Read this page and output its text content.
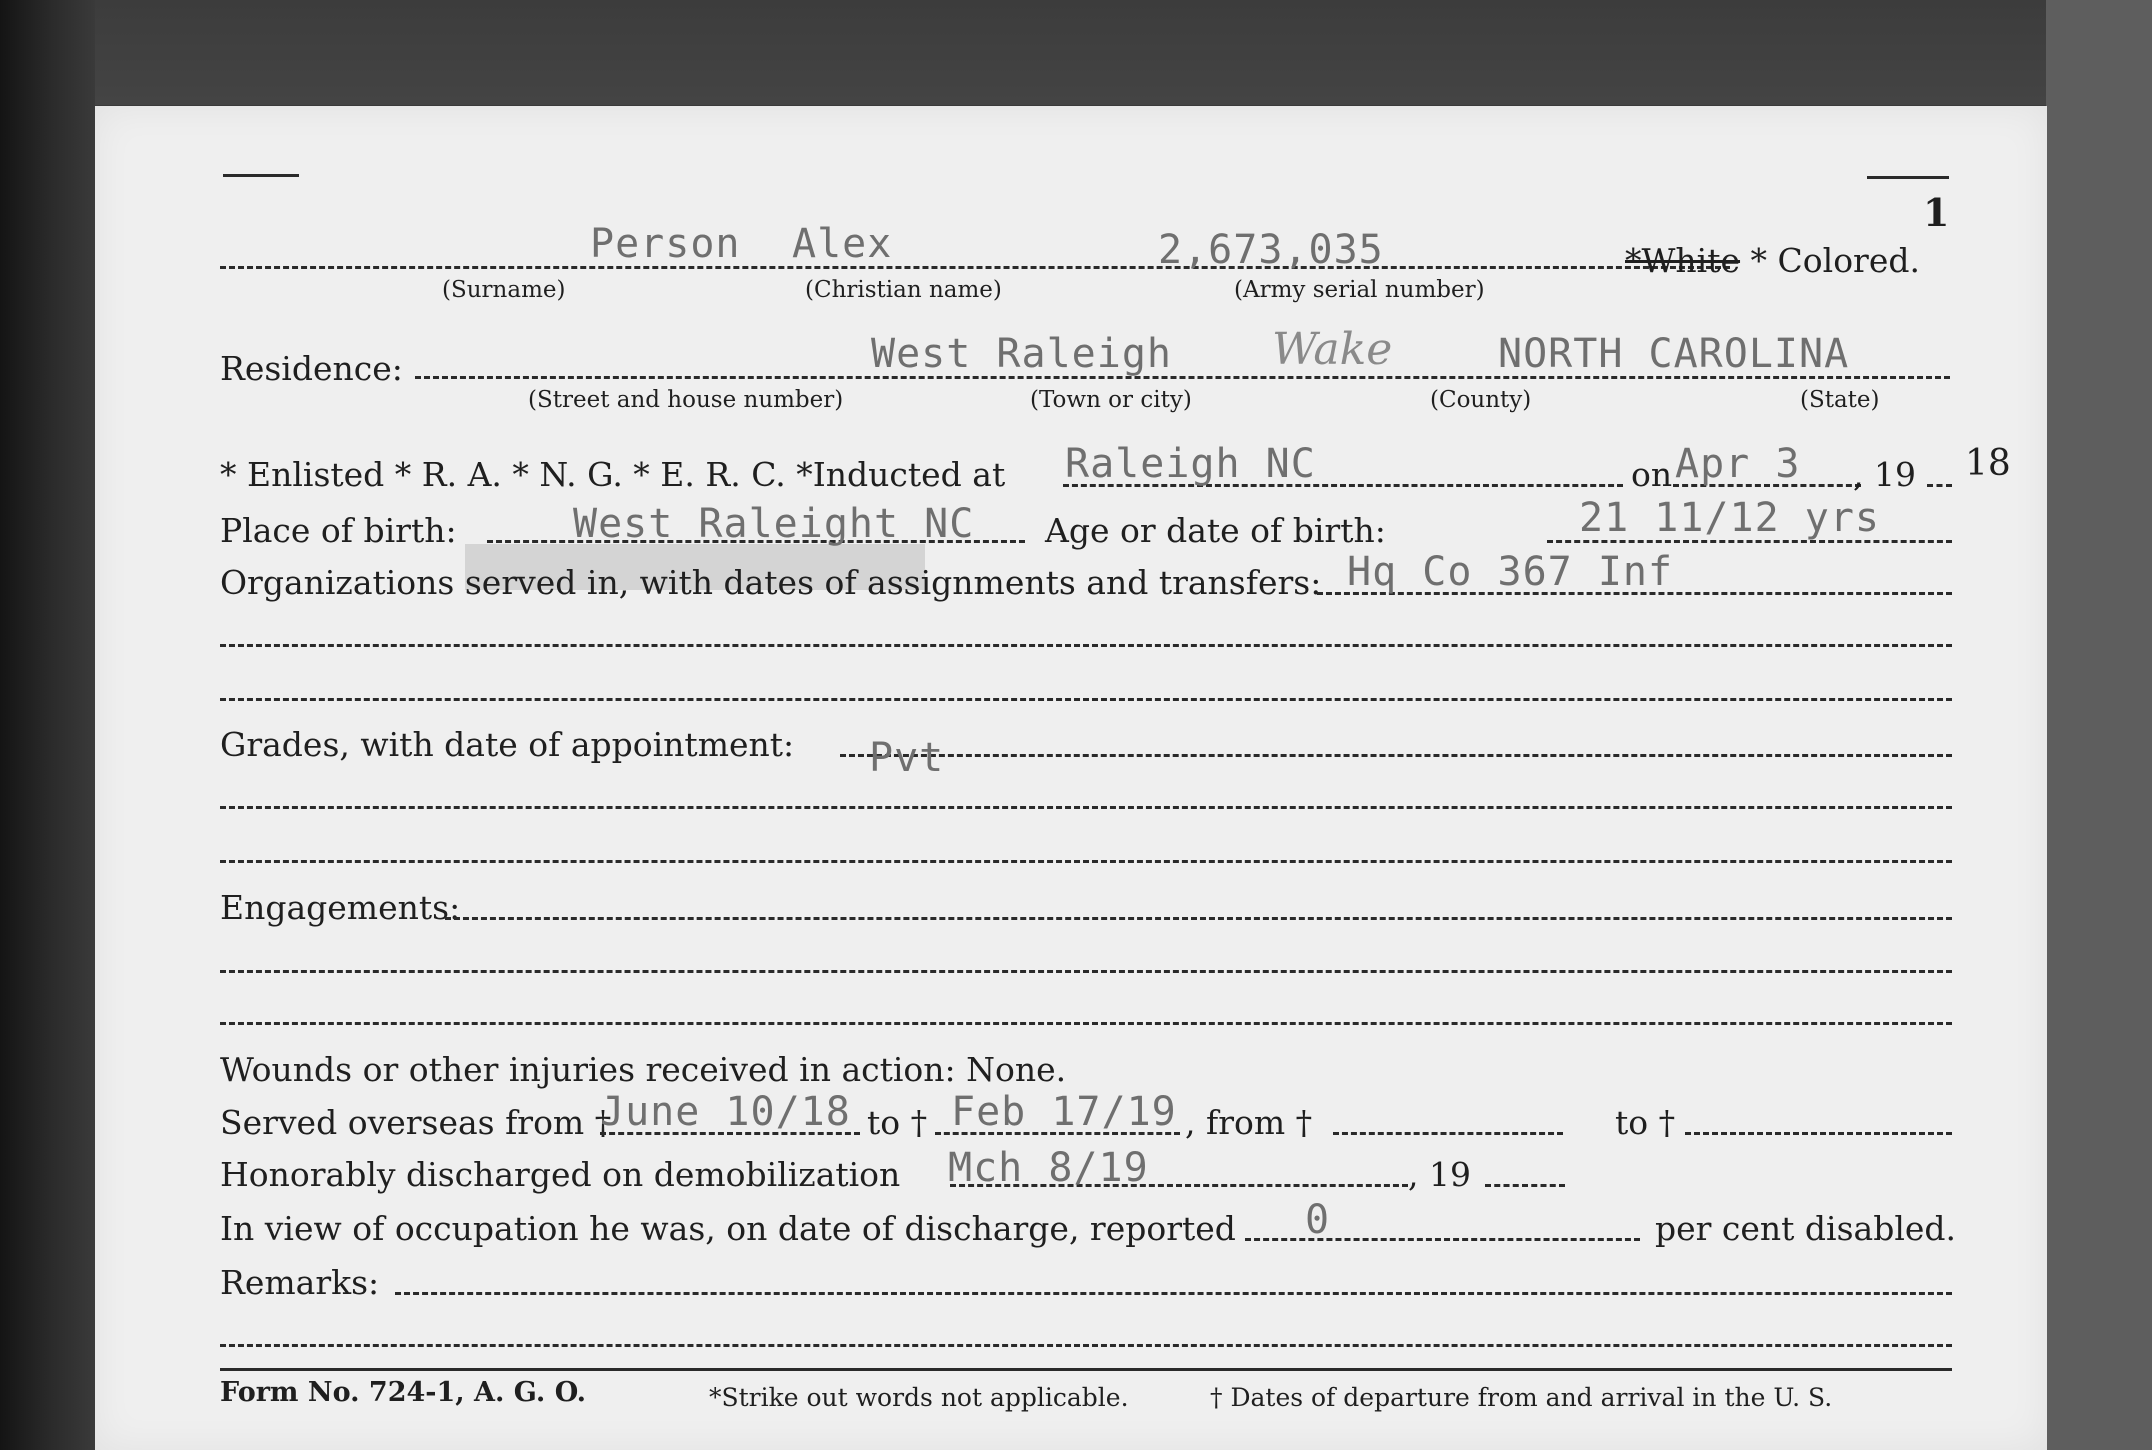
1
Person Alex	2,673,035	*White * Colored.
(Surname)	(Christian name)	(Army serial number)
Residence:	West Raleigh Wake	NORTH CAROLINA
(Street and house number)	(Town or city)	(County)	(State)
* Enlisted * R. A. * N. G. * E. R. C. *Inducted at Raleigh NC	on Apr 3 , 19 18
Place of birth:	West Raleight NC Age or date of birth:	21 11/12 yrs
Organizations served in, with dates of assignments and transfers: Hq Co 367 Inf
Grades, with date of appointment: Pvt
Engagements:
Wounds or other injuries received in action: None.
Served overseas from †
June 10/18 to † Feb 17/19 , from †	to †
Honorably discharged on demobilization Mch 8/19	, 19
In view of occupation he was, on date of discharge, reported 0	per cent disabled.
Remarks:
Form No. 724-1, A. G. O.	*Strike out words not applicable.	† Dates of departure from and arrival in the U. S.
